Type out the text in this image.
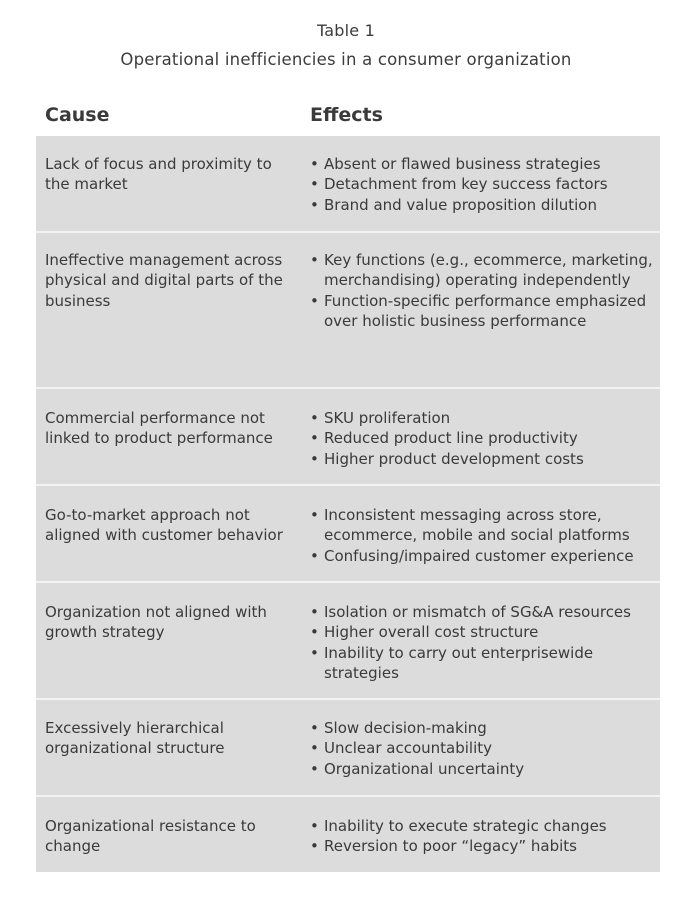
Table 1
Operational inefficiencies in a consumer organization
Cause	Effects
Lack of focus and proximity to the market
• Absent or flawed business strategies
• Detachment from key success factors
• Brand and value proposition dilution
Ineffective management across physical and digital parts of the business
• Key functions (e.g., ecommerce, marketing, merchandising) operating independently
• Function-specific performance emphasized over holistic business performance
Commercial performance not linked to product performance
• SKU proliferation
• Reduced product line productivity
• Higher product development costs
Go-to-market approach not aligned with customer behavior
• Inconsistent messaging across store, ecommerce, mobile and social platforms
• Confusing/impaired customer experience
Organization not aligned with growth strategy
• Isolation or mismatch of SG&A resources
• Higher overall cost structure
• Inability to carry out enterprisewide strategies
Excessively hierarchical organizational structure
• Slow decision-making
• Unclear accountability
• Organizational uncertainty
Organizational resistance to change
• Inability to execute strategic changes
• Reversion to poor “legacy” habits
